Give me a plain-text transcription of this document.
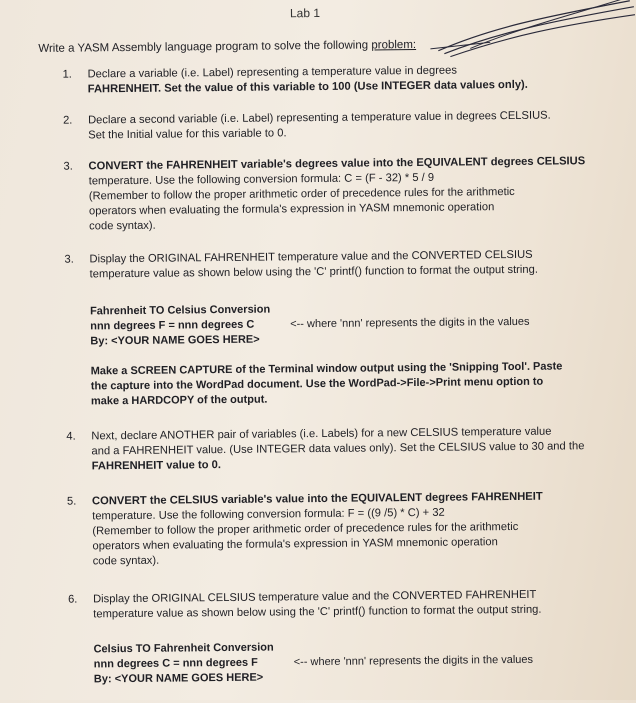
Lab 1
Write a YASM Assembly language program to solve the following problem:
1.	Declare a variable (i.e. Label) representing a temperature value in degrees
FAHRENHEIT. Set the value of this variable to 100 (Use INTEGER data values only).
2.	Declare a second variable (i.e. Label) representing a temperature value in degrees CELSIUS.
Set the Initial value for this variable to 0.
3.	CONVERT the FAHRENHEIT variable's degrees value into the EQUIVALENT degrees CELSIUS
temperature. Use the following conversion formula: C = (F - 32) * 5 / 9
(Remember to follow the proper arithmetic order of precedence rules for the arithmetic
operators when evaluating the formula's expression in YASM mnemonic operation
code syntax).
3.	Display the ORIGINAL FAHRENHEIT temperature value and the CONVERTED CELSIUS
temperature value as shown below using the 'C' printf() function to format the output string.
Fahrenheit TO Celsius Conversion
nnn degrees F = nnn degrees C	<-- where 'nnn' represents the digits in the values
By: <YOUR NAME GOES HERE>
Make a SCREEN CAPTURE of the Terminal window output using the 'Snipping Tool'. Paste
the capture into the WordPad document. Use the WordPad->File->Print menu option to
make a HARDCOPY of the output.
4.	Next, declare ANOTHER pair of variables (i.e. Labels) for a new CELSIUS temperature value
and a FAHRENHEIT value. (Use INTEGER data values only). Set the CELSIUS value to 30 and the
FAHRENHEIT value to 0.
5.	CONVERT the CELSIUS variable's value into the EQUIVALENT degrees FAHRENHEIT
temperature. Use the following conversion formula: F = ((9 /5) * C) + 32
(Remember to follow the proper arithmetic order of precedence rules for the arithmetic
operators when evaluating the formula's expression in YASM mnemonic operation
code syntax).
6.	Display the ORIGINAL CELSIUS temperature value and the CONVERTED FAHRENHEIT
temperature value as shown below using the 'C' printf() function to format the output string.
Celsius TO Fahrenheit Conversion
nnn degrees C = nnn degrees F	<-- where 'nnn' represents the digits in the values
By: <YOUR NAME GOES HERE>
